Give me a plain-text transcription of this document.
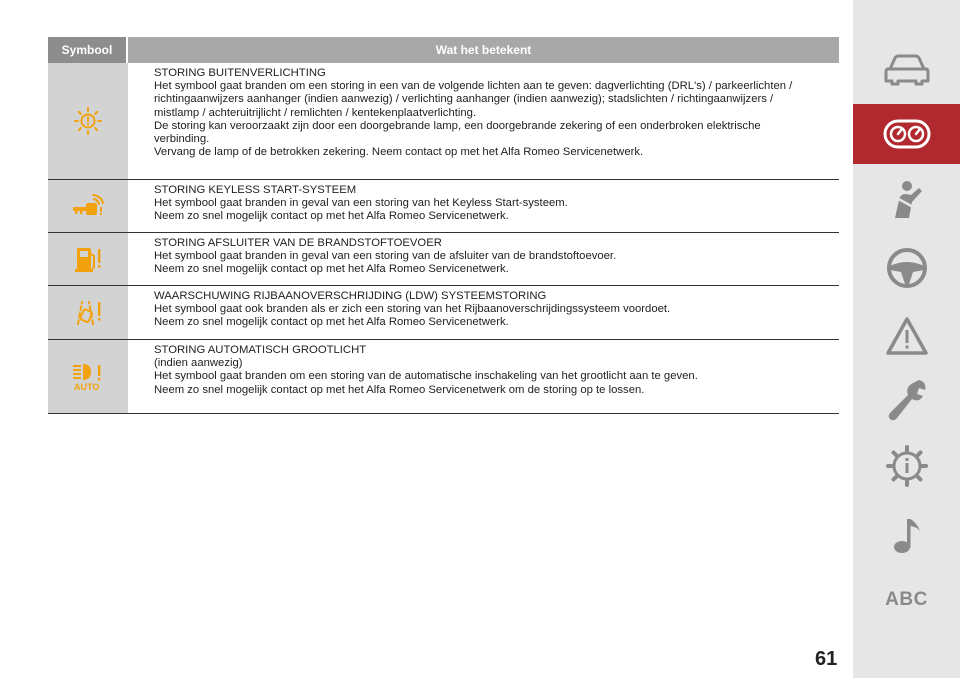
Symbool	Wat het betekent
STORING BUITENVERLICHTING
Het symbool gaat branden om een storing in een van de volgende lichten aan te geven: dagverlichting (DRL's) / parkeerlichten /
richtingaanwijzers aanhanger (indien aanwezig) / verlichting aanhanger (indien aanwezig); stadslichten / richtingaanwijzers /
mistlamp / achteruitrijlicht / remlichten / kentekenplaatverlichting.
De storing kan veroorzaakt zijn door een doorgebrande lamp, een doorgebrande zekering of een onderbroken elektrische
verbinding.
Vervang de lamp of de betrokken zekering. Neem contact op met het Alfa Romeo Servicenetwerk.
STORING KEYLESS START-SYSTEEM
Het symbool gaat branden in geval van een storing van het Keyless Start-systeem.
Neem zo snel mogelijk contact op met het Alfa Romeo Servicenetwerk.
STORING AFSLUITER VAN DE BRANDSTOFTOEVOER
Het symbool gaat branden in geval van een storing van de afsluiter van de brandstoftoevoer.
Neem zo snel mogelijk contact op met het Alfa Romeo Servicenetwerk.
WAARSCHUWING RIJBAANOVERSCHRIJDING (LDW) SYSTEEMSTORING
Het symbool gaat ook branden als er zich een storing van het Rijbaanoverschrijdingssysteem voordoet.
Neem zo snel mogelijk contact op met het Alfa Romeo Servicenetwerk.
AUTO
STORING AUTOMATISCH GROOTLICHT
(indien aanwezig)
Het symbool gaat branden om een storing van de automatische inschakeling van het grootlicht aan te geven.
Neem zo snel mogelijk contact op met het Alfa Romeo Servicenetwerk om de storing op te lossen.
ABC
61
